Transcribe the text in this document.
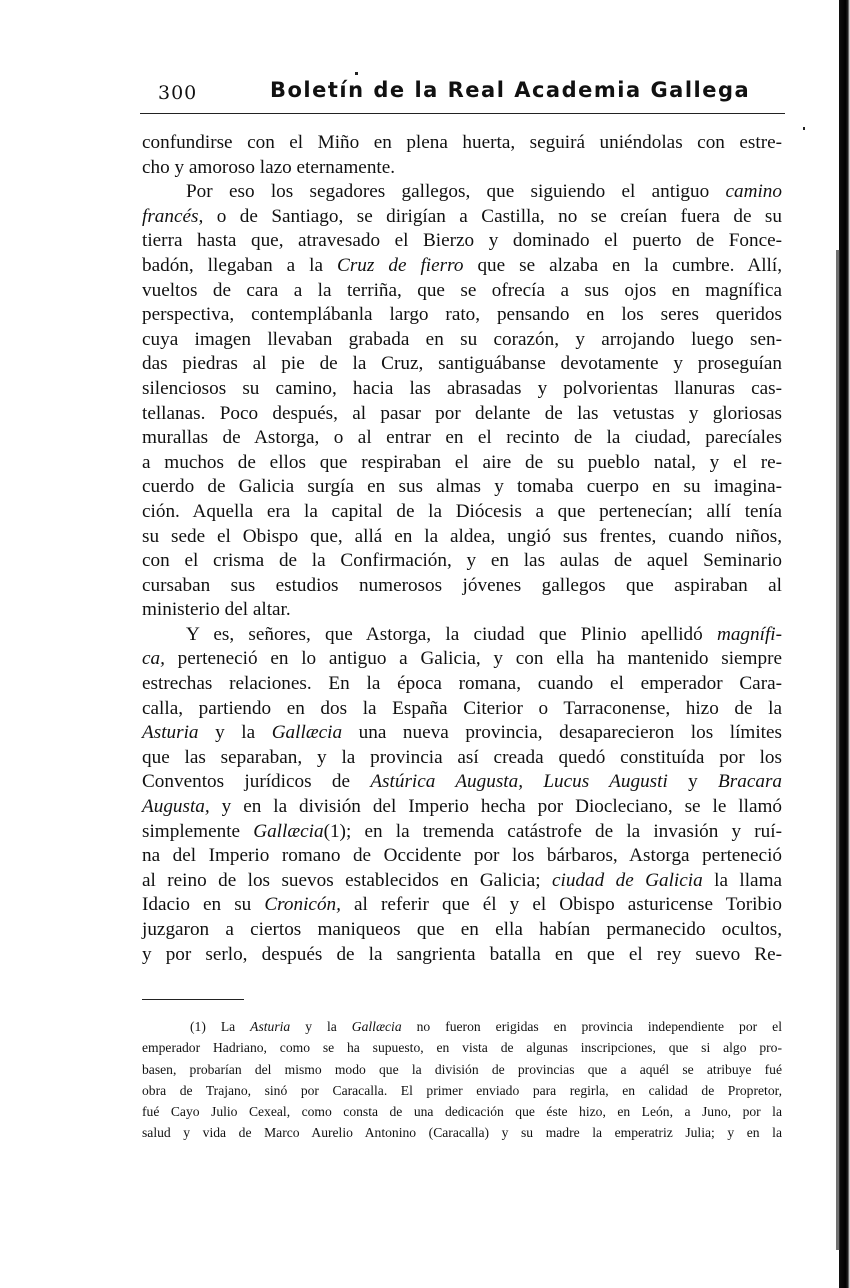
300	Boletín de la Real Academia Gallega
confundirse con el Miño en plena huerta, seguirá uniéndolas con estre-
cho y amoroso lazo eternamente.
Por eso los segadores gallegos, que siguiendo el antiguo camino
francés, o de Santiago, se dirigían a Castilla, no se creían fuera de su
tierra hasta que, atravesado el Bierzo y dominado el puerto de Fonce-
badón, llegaban a la Cruz de fierro que se alzaba en la cumbre. Allí,
vueltos de cara a la terriña, que se ofrecía a sus ojos en magnífica
perspectiva, contemplábanla largo rato, pensando en los seres queridos
cuya imagen llevaban grabada en su corazón, y arrojando luego sen-
das piedras al pie de la Cruz, santiguábanse devotamente y proseguían
silenciosos su camino, hacia las abrasadas y polvorientas llanuras cas-
tellanas. Poco después, al pasar por delante de las vetustas y gloriosas
murallas de Astorga, o al entrar en el recinto de la ciudad, parecíales
a muchos de ellos que respiraban el aire de su pueblo natal, y el re-
cuerdo de Galicia surgía en sus almas y tomaba cuerpo en su imagina-
ción. Aquella era la capital de la Diócesis a que pertenecían; allí tenía
su sede el Obispo que, allá en la aldea, ungió sus frentes, cuando niños,
con el crisma de la Confirmación, y en las aulas de aquel Seminario
cursaban sus estudios numerosos jóvenes gallegos que aspiraban al
ministerio del altar.
Y es, señores, que Astorga, la ciudad que Plinio apellidó magnífi-
ca, perteneció en lo antiguo a Galicia, y con ella ha mantenido siempre
estrechas relaciones. En la época romana, cuando el emperador Cara-
calla, partiendo en dos la España Citerior o Tarraconense, hizo de la
Asturia y la Gallæcia una nueva provincia, desaparecieron los límites
que las separaban, y la provincia así creada quedó constituída por los
Conventos jurídicos de Astúrica Augusta, Lucus Augusti y Bracara
Augusta, y en la división del Imperio hecha por Diocleciano, se le llamó
simplemente Gallæcia(1); en la tremenda catástrofe de la invasión y ruí-
na del Imperio romano de Occidente por los bárbaros, Astorga perteneció
al reino de los suevos establecidos en Galicia; ciudad de Galicia la llama
Idacio en su Cronicón, al referir que él y el Obispo asturicense Toribio
juzgaron a ciertos maniqueos que en ella habían permanecido ocultos,
y por serlo, después de la sangrienta batalla en que el rey suevo Re-
(1) La Asturia y la Gallæcia no fueron erigidas en provincia independiente por el
emperador Hadriano, como se ha supuesto, en vista de algunas inscripciones, que si algo pro-
basen, probarían del mismo modo que la división de provincias que a aquél se atribuye fué
obra de Trajano, sinó por Caracalla. El primer enviado para regirla, en calidad de Propretor,
fué Cayo Julio Cexeal, como consta de una dedicación que éste hizo, en León, a Juno, por la
salud y vida de Marco Aurelio Antonino (Caracalla) y su madre la emperatriz Julia; y en la
